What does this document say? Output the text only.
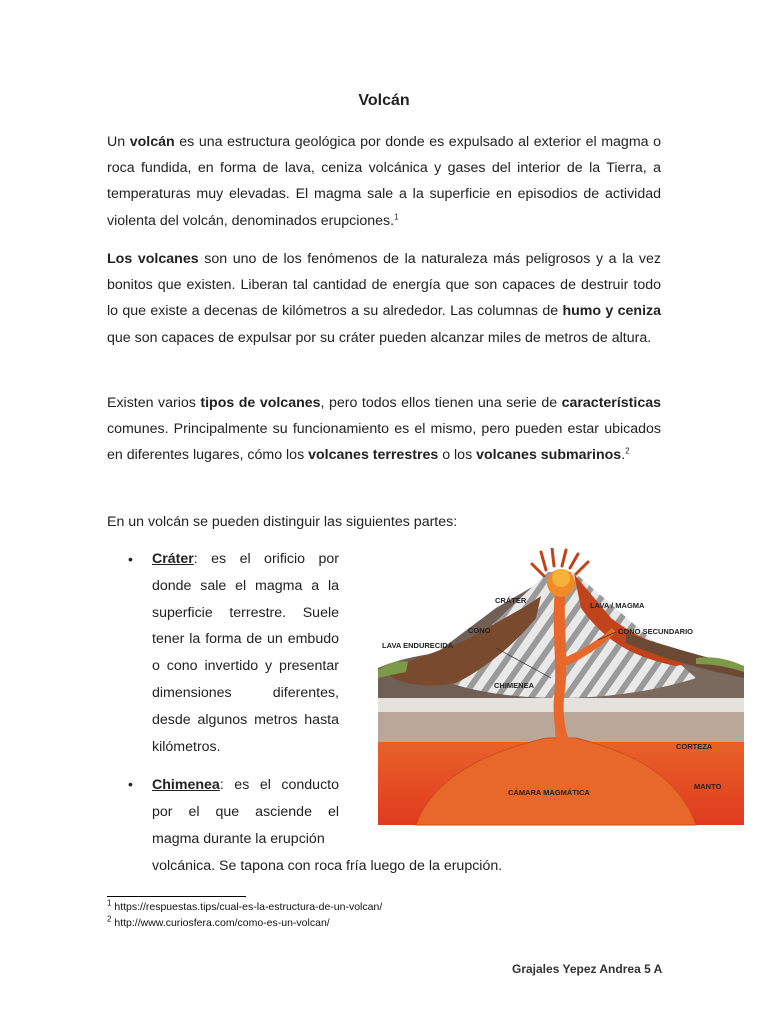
Volcán

Un volcán es una estructura geológica por donde es expulsado al exterior el magma o roca fundida, en forma de lava, ceniza volcánica y gases del interior de la Tierra, a temperaturas muy elevadas. El magma sale a la superficie en episodios de actividad violenta del volcán, denominados erupciones.$^1$

Los volcanes son uno de los fenómenos de la naturaleza más peligrosos y a la vez bonitos que existen. Liberan tal cantidad de energía que son capaces de destruir todo lo que existe a decenas de kilómetros a su alrededor. Las columnas de humo y ceniza que son capaces de expulsar por su cráter pueden alcanzar miles de metros de altura.

Existen varios tipos de volcanes, pero todos ellos tienen una serie de características comunes. Principalmente su funcionamiento es el mismo, pero pueden estar ubicados en diferentes lugares, cómo los volcanes terrestres o los volcanes submarinos.$^2$

En un volcán se pueden distinguir las siguientes partes:

• Cráter: es el orificio por donde sale el magma a la superficie terrestre. Suele tener la forma de un embudo o cono invertido y presentar dimensiones diferentes, desde algunos metros hasta kilómetros.

• Chimenea: es el conducto por el que asciende el magma durante la erupción

volcánica. Se tapona con roca fría luego de la erupción.

CRÁTER
LAVA / MAGMA
CONO	CONO SECUNDARIO
LAVA ENDURECIDA
CHIMENEA
CORTEZA
CÁMARA MAGMÁTICA
MANTO
$^1$ https://respuestas.tips/cual-es-la-estructura-de-un-volcan/
$^2$ http://www.curiosfera.com/como-es-un-volcan/
Grajales Yepez Andrea 5 A
